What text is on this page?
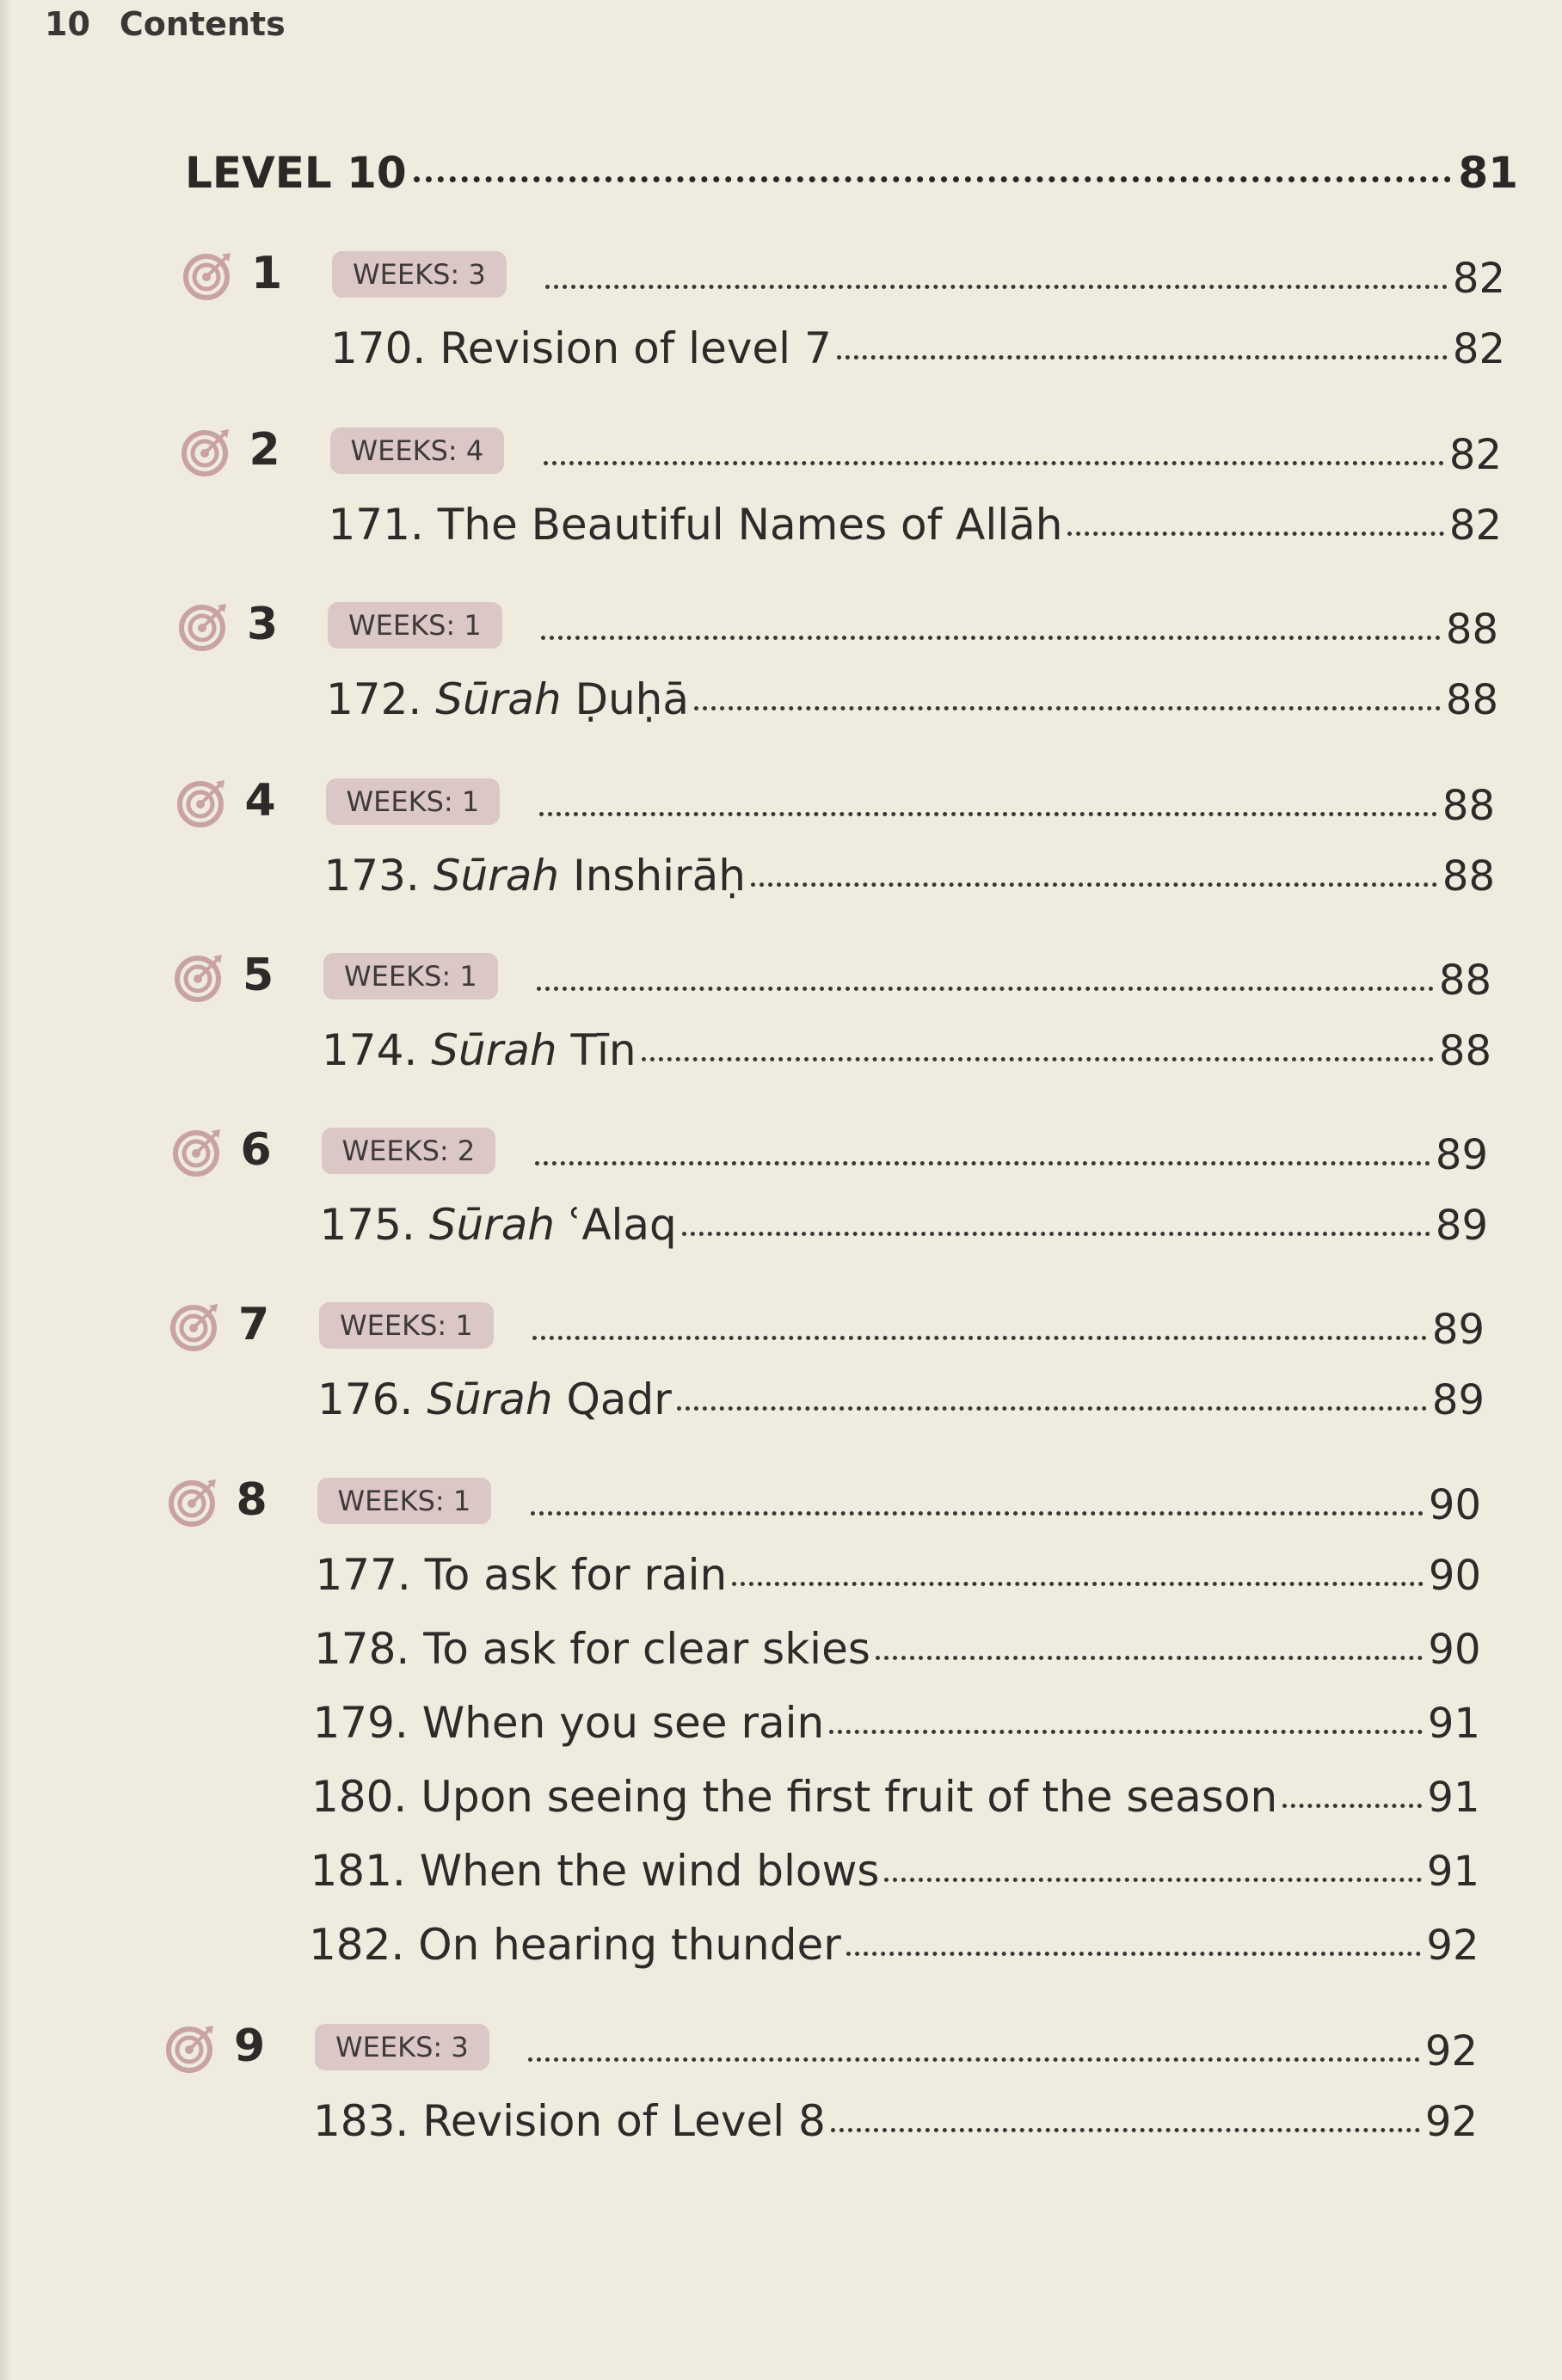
10 Contents
LEVEL 10	81
1	WEEKS: 3	82
170. Revision of level 7	82
2	WEEKS: 4	82
171. The Beautiful Names of Allāh	82
3	WEEKS: 1	88
172. Sūrah Ḍuḥā	88
4	WEEKS: 1	88
173. Sūrah Inshirāḥ	88
5	WEEKS: 1	88
174. Sūrah Tīn	88
6	WEEKS: 2	89
175. Sūrah ʿAlaq	89
7	WEEKS: 1	89
176. Sūrah Qadr	89
8	WEEKS: 1	90
177. To ask for rain	90
178. To ask for clear skies	90
179. When you see rain	91
180. Upon seeing the first fruit of the season	91
181. When the wind blows	91
182. On hearing thunder	92
9	WEEKS: 3	92
183. Revision of Level 8	92
